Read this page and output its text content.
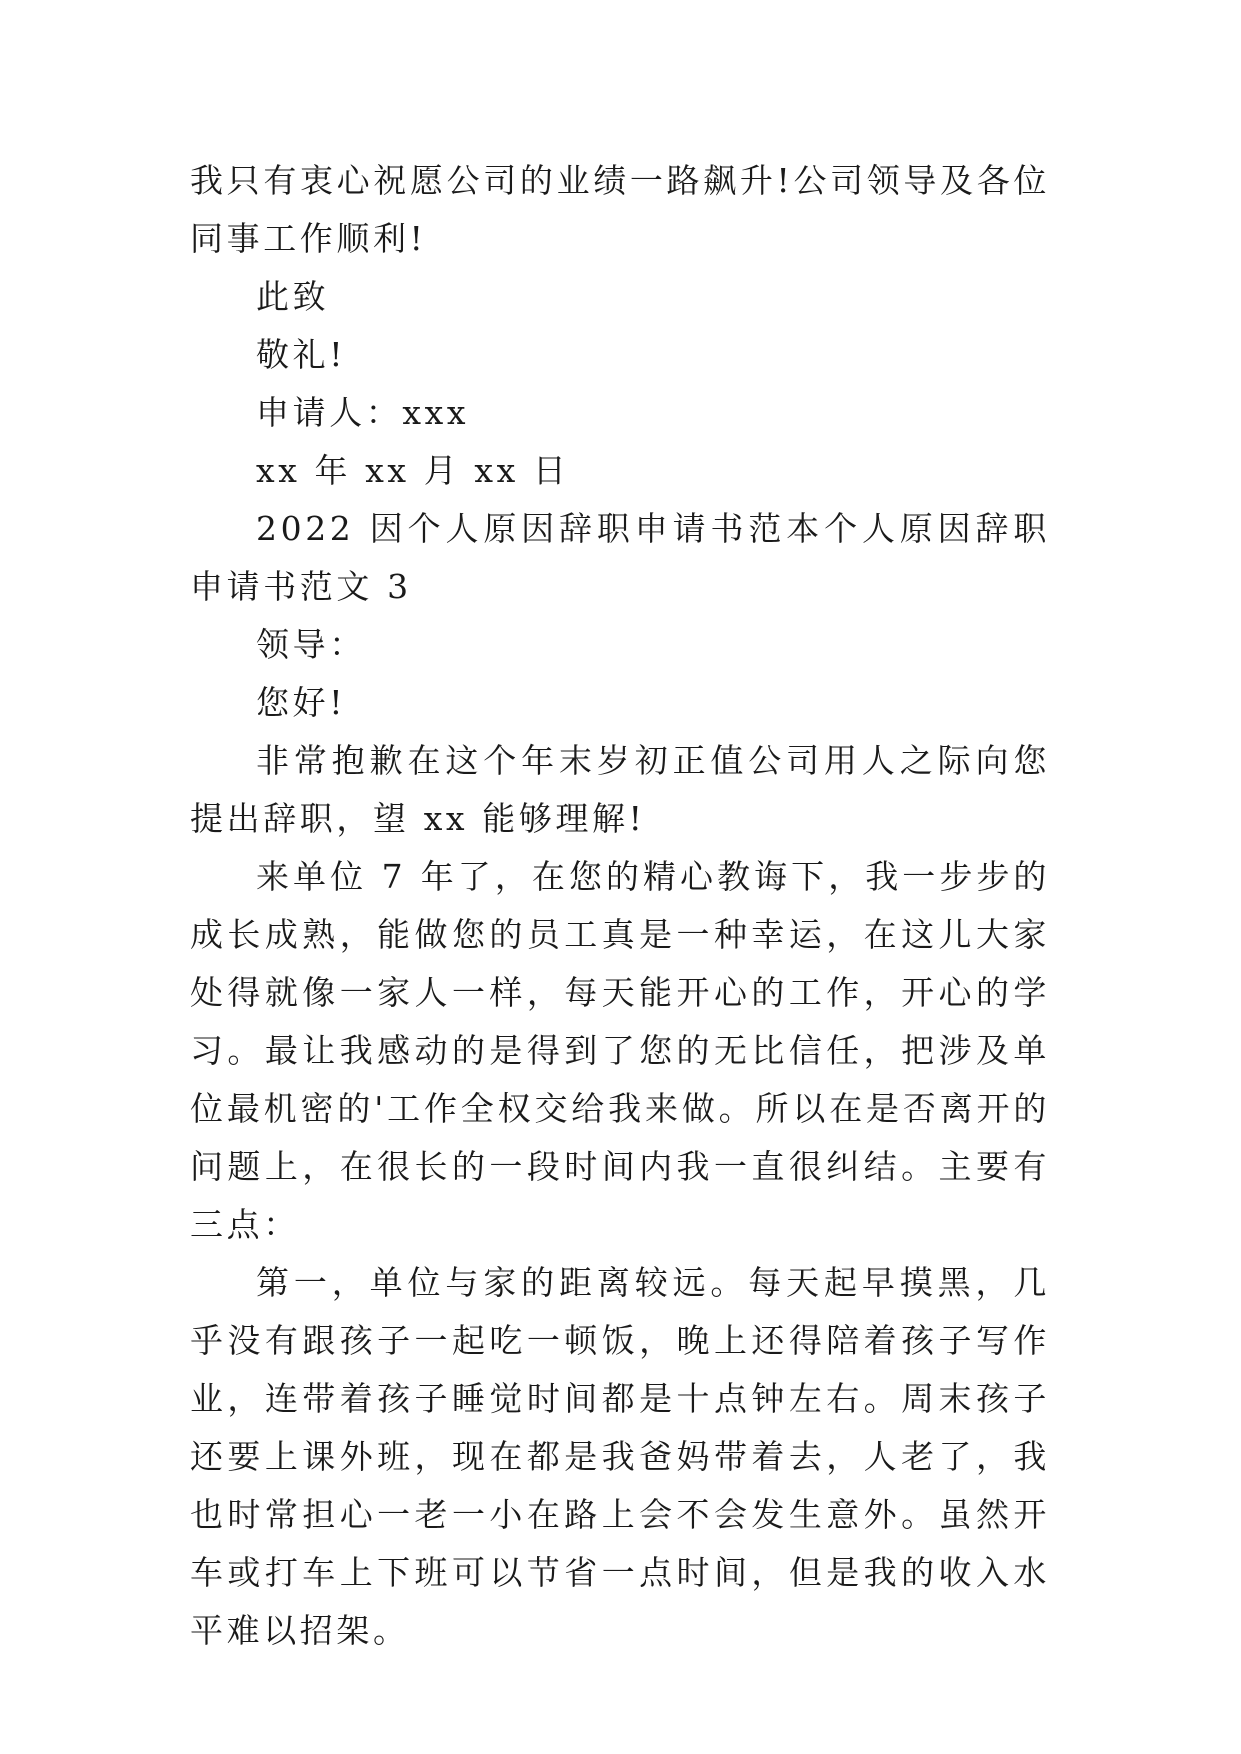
我只有衷心祝愿公司的业绩一路飙升!公司领导及各位同事工作顺利!

此致

敬礼!

申请人：xxx

xx 年 xx 月 xx 日

2022 因个人原因辞职申请书范本个人原因辞职申请书范文 3

领导：

您好!

非常抱歉在这个年末岁初正值公司用人之际向您提出辞职，望 xx 能够理解!

来单位 7 年了，在您的精心教诲下，我一步步的成长成熟，能做您的员工真是一种幸运，在这儿大家处得就像一家人一样，每天能开心的工作，开心的学习。最让我感动的是得到了您的无比信任，把涉及单位最机密的'工作全权交给我来做。所以在是否离开的问题上，在很长的一段时间内我一直很纠结。主要有三点：

第一，单位与家的距离较远。每天起早摸黑，几乎没有跟孩子一起吃一顿饭，晚上还得陪着孩子写作业，连带着孩子睡觉时间都是十点钟左右。周末孩子还要上课外班，现在都是我爸妈带着去，人老了，我也时常担心一老一小在路上会不会发生意外。虽然开车或打车上下班可以节省一点时间，但是我的收入水平难以招架。
